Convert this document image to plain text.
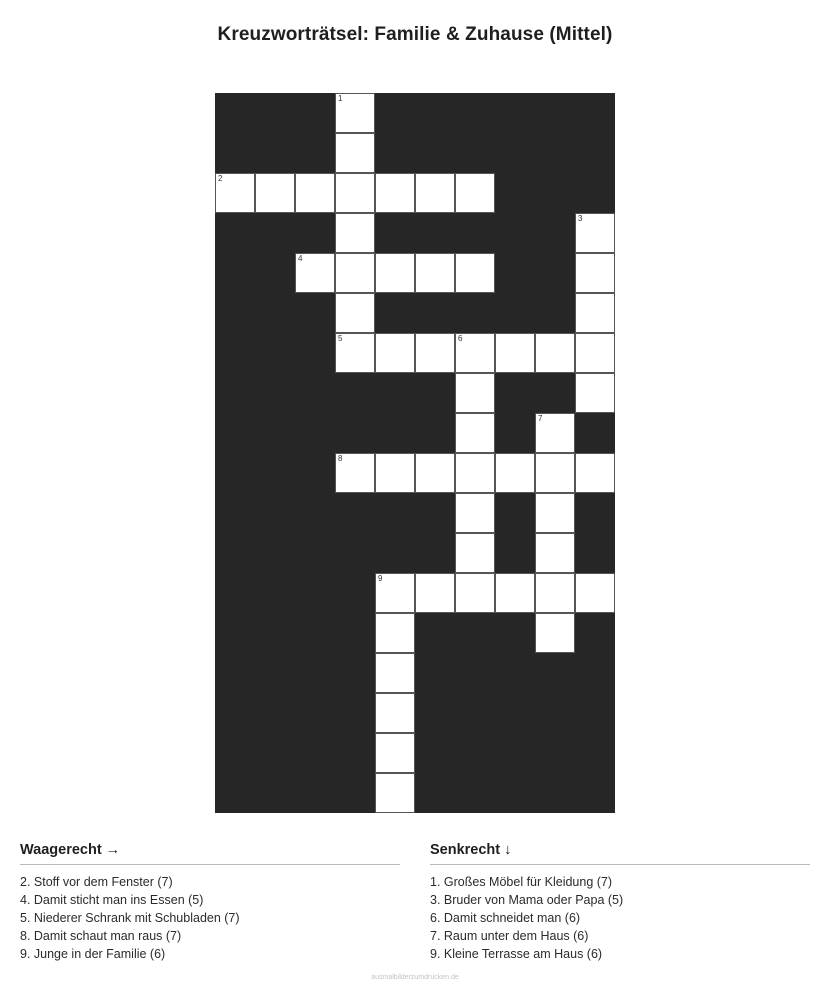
Kreuzworträtsel: Familie & Zuhause (Mittel)
1
2
3
4
5	6
7
8
9
Waagerecht →
2. Stoff vor dem Fenster (7)
4. Damit sticht man ins Essen (5)
5. Niederer Schrank mit Schubladen (7)
8. Damit schaut man raus (7)
9. Junge in der Familie (6)
Senkrecht ↓
1. Großes Möbel für Kleidung (7)
3. Bruder von Mama oder Papa (5)
6. Damit schneidet man (6)
7. Raum unter dem Haus (6)
9. Kleine Terrasse am Haus (6)
ausmalbilderzumdrucken.de
